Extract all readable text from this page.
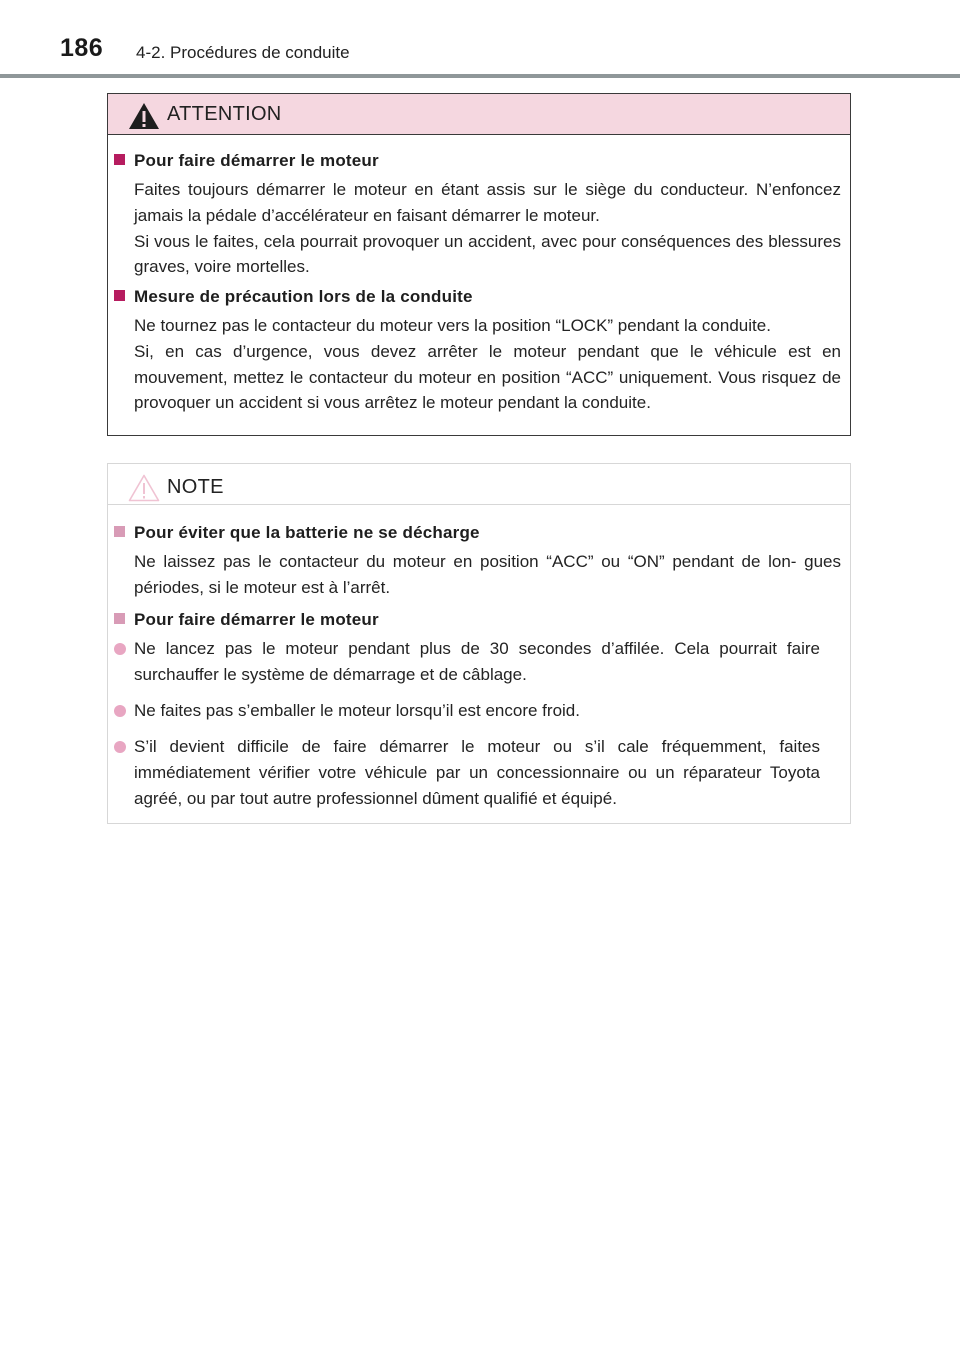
186 4-2. Procédures de conduite
ATTENTION
Pour faire démarrer le moteur
Faites toujours démarrer le moteur en étant assis sur le siège du conducteur. N’enfoncez jamais la pédale d’accélérateur en faisant démarrer le moteur.
Si vous le faites, cela pourrait provoquer un accident, avec pour conséquences des blessures graves, voire mortelles.
Mesure de précaution lors de la conduite
Ne tournez pas le contacteur du moteur vers la position “LOCK” pendant la conduite.
Si, en cas d’urgence, vous devez arrêter le moteur pendant que le véhicule est en mouvement, mettez le contacteur du moteur en position “ACC” uniquement. Vous risquez de provoquer un accident si vous arrêtez le moteur pendant la conduite.
NOTE
Pour éviter que la batterie ne se décharge
Ne laissez pas le contacteur du moteur en position “ACC” ou “ON” pendant de lon- gues périodes, si le moteur est à l’arrêt.
Pour faire démarrer le moteur
Ne lancez pas le moteur pendant plus de 30 secondes d’affilée. Cela pourrait faire surchauffer le système de démarrage et de câblage.
Ne faites pas s’emballer le moteur lorsqu’il est encore froid.
S’il devient difficile de faire démarrer le moteur ou s’il cale fréquemment, faites immédiatement vérifier votre véhicule par un concessionnaire ou un réparateur Toyota agréé, ou par tout autre professionnel dûment qualifié et équipé.
